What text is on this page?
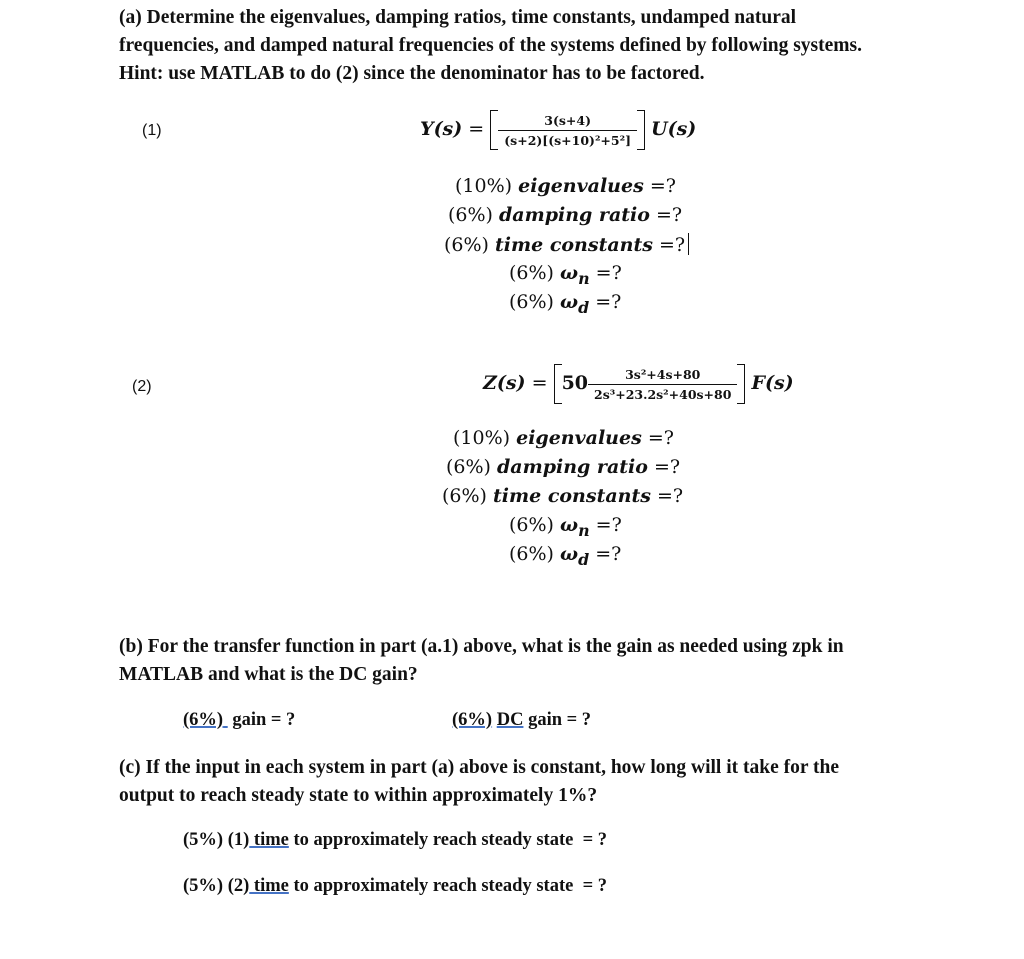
(a) Determine the eigenvalues, damping ratios, time constants, undamped natural
frequencies, and damped natural frequencies of the systems defined by following systems.
Hint: use MATLAB to do (2) since the denominator has to be factored.
(1)	$Y(s) = \frac{3(s+4)}{\text{(s+2)[(s+10)²+5²]}} U(s)$
(10%) eigenvalues =?
(6%) damping ratio =?
(6%) time constants =?
(6%) $\omega_n$ =?
(6%) $\omega_d$ =?
(2)	$Z(s) = 50 \frac{\text{3s²+4s+80}}{\text{2s³+23.2s²+40s+80}} F(s)$
(10%) eigenvalues =?
(6%) damping ratio =?
(6%) time constants =?
(6%) $\omega_n$ =?
(6%) $\omega_d$ =?
(b) For the transfer function in part (a.1) above, what is the gain as needed using zpk in
MATLAB and what is the DC gain?
(6%)  gain = ?	(6%) DC gain = ?
(c) If the input in each system in part (a) above is constant, how long will it take for the
output to reach steady state to within approximately 1%?
(5%) (1) time to approximately reach steady state  = ?
(5%) (2) time to approximately reach steady state  = ?
